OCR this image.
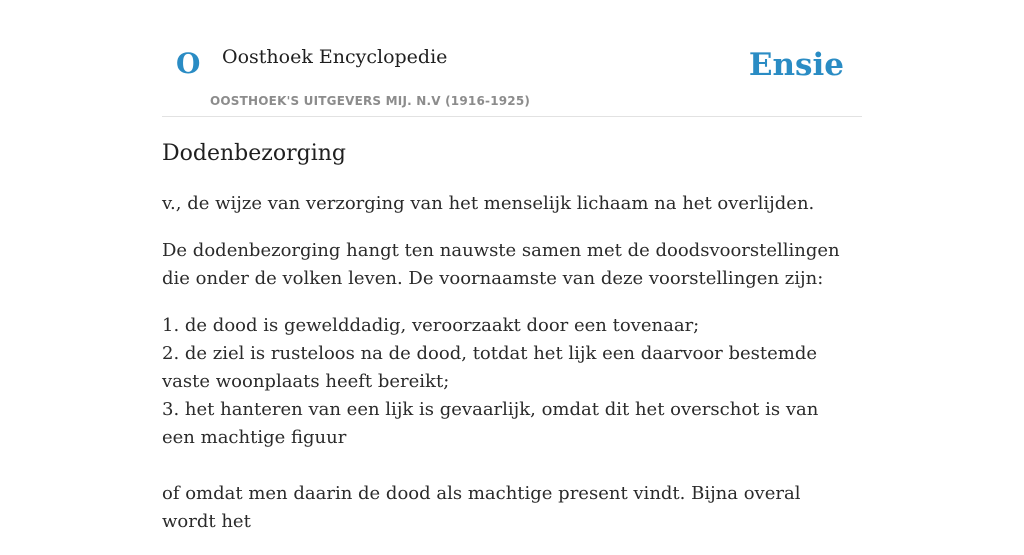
O Oosthoek Encyclopedie
OOSTHOEK'S UITGEVERS MIJ. N.V (1916-1925)
Ensie
Dodenbezorging

v., de wijze van verzorging van het menselijk lichaam na het overlijden.

De dodenbezorging hangt ten nauwste samen met de doodsvoorstellingen die onder de volken leven. De voornaamste van deze voorstellingen zijn:

1. de dood is gewelddadig, veroorzaakt door een tovenaar;
2. de ziel is rusteloos na de dood, totdat het lijk een daarvoor bestemde vaste woonplaats heeft bereikt;
3. het hanteren van een lijk is gevaarlijk, omdat dit het overschot is van een machtige figuur

of omdat men daarin de dood als machtige present vindt. Bijna overal wordt het
